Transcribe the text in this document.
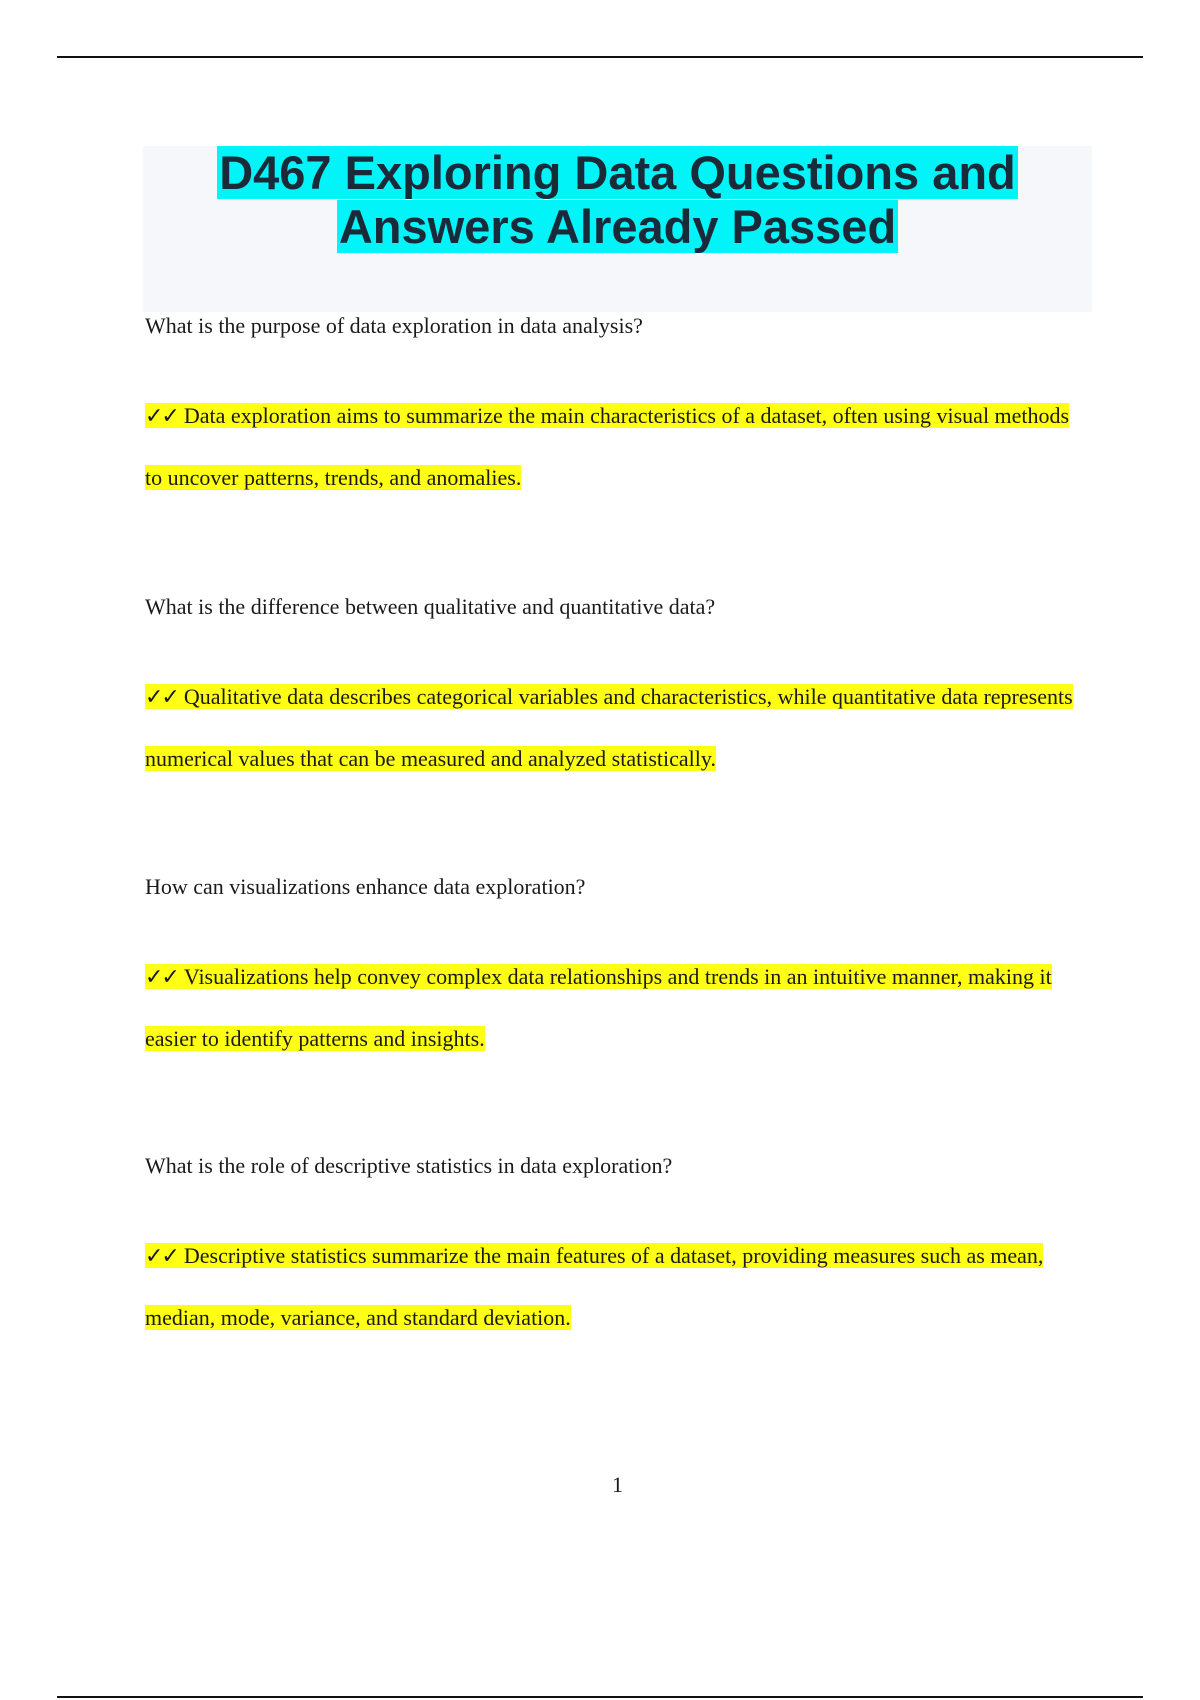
D467 Exploring Data Questions and
Answers Already Passed

What is the purpose of data exploration in data analysis?

✓✓ Data exploration aims to summarize the main characteristics of a dataset, often using visual methods to uncover patterns, trends, and anomalies.

What is the difference between qualitative and quantitative data?

✓✓ Qualitative data describes categorical variables and characteristics, while quantitative data represents numerical values that can be measured and analyzed statistically.

How can visualizations enhance data exploration?

✓✓ Visualizations help convey complex data relationships and trends in an intuitive manner, making it easier to identify patterns and insights.

What is the role of descriptive statistics in data exploration?

✓✓ Descriptive statistics summarize the main features of a dataset, providing measures such as mean, median, mode, variance, and standard deviation.

1
